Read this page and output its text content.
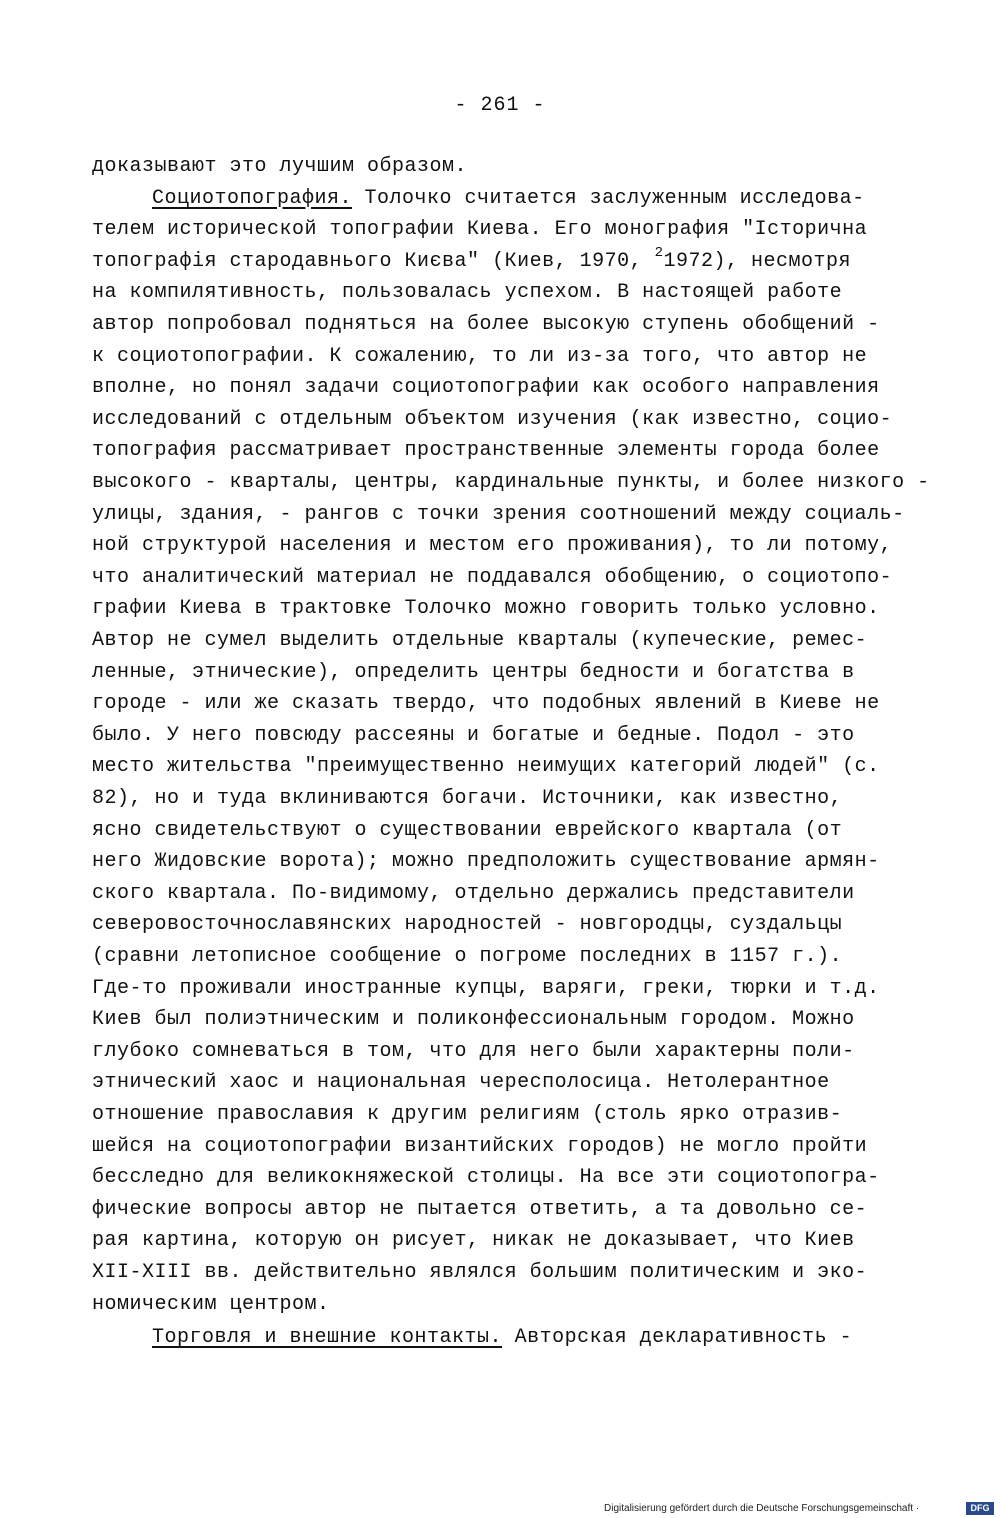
- 261 -
доказывают это лучшим образом.
Социотопография. Толочко считается заслуженным исследова-
телем исторической топографии Киева. Его монография "Історична
топографія стародавнього Києва" (Киев, 1970, $^2$1972), несмотря
на компилятивность, пользовалась успехом. В настоящей работе
автор попробовал подняться на более высокую ступень обобщений -
к социотопографии. К сожалению, то ли из-за того, что автор не
вполне, но понял задачи социотопографии как особого направления
исследований с отдельным объектом изучения (как известно, социо-
топография рассматривает пространственные элементы города более
высокого - кварталы, центры, кардинальные пункты, и более низкого -
улицы, здания, - рангов с точки зрения соотношений между социаль-
ной структурой населения и местом его проживания), то ли потому,
что аналитический материал не поддавался обобщению, о социотопо-
графии Киева в трактовке Толочко можно говорить только условно.
Автор не сумел выделить отдельные кварталы (купеческие, ремес-
ленные, этнические), определить центры бедности и богатства в
городе - или же сказать твердо, что подобных явлений в Киеве не
было. У него повсюду рассеяны и богатые и бедные. Подол - это
место жительства "преимущественно неимущих категорий людей" (с.
82), но и туда вклиниваются богачи. Источники, как известно,
ясно свидетельствуют о существовании еврейского квартала (от
него Жидовские ворота); можно предположить существование армян-
ского квартала. По-видимому, отдельно держались представители
северовосточнославянских народностей - новгородцы, суздальцы
(сравни летописное сообщение о погроме последних в 1157 г.).
Где-то проживали иностранные купцы, варяги, греки, тюрки и т.д.
Киев был полиэтническим и поликонфессиональным городом. Можно
глубоко сомневаться в том, что для него были характерны поли-
этнический хаос и национальная чересполосица. Нетолерантное
отношение православия к другим религиям (столь ярко отразив-
шейся на социотопографии византийских городов) не могло пройти
бесследно для великокняжеской столицы. На все эти социотопогра-
фические вопросы автор не пытается ответить, а та довольно се-
рая картина, которую он рисует, никак не доказывает, что Киев
XII-XIII вв. действительно являлся большим политическим и эко-
номическим центром.
Торговля и внешние контакты. Авторская декларативность -
Digitalisierung gefördert durch die Deutsche Forschungsgemeinschaft ·	DFG
